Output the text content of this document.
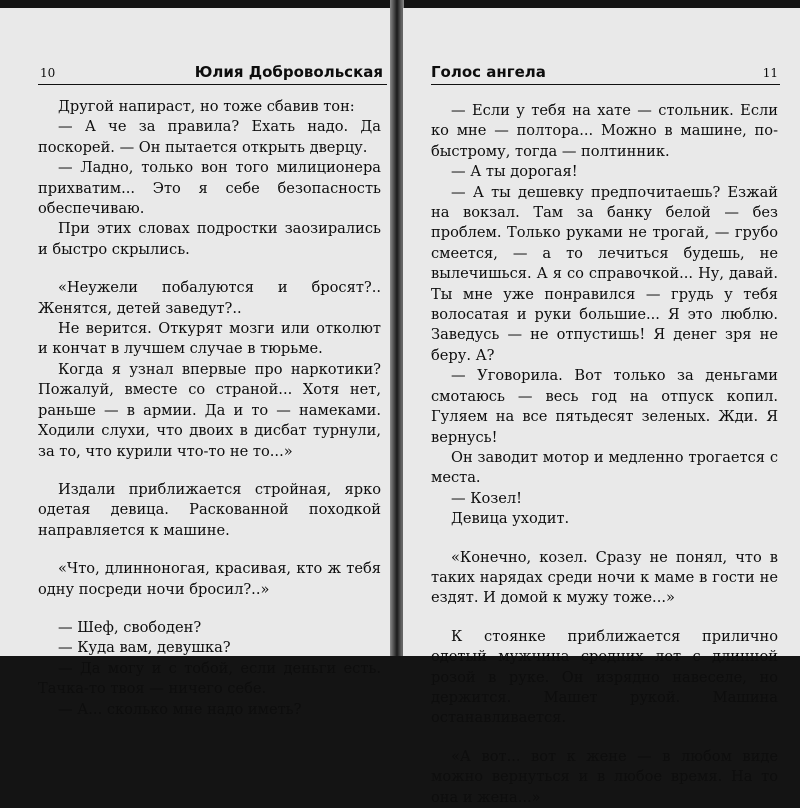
10	Юлия Добровольская

Другой напираст, но тоже сбавив тон:

— А че за правила? Ехать надо. Да поскорей. — Он пытается открыть дверцу.

— Ладно, только вон того милиционера прихватим... Это я себе безопасность обеспечиваю.

При этих словах подростки заозирались и быстро скрылись.

«Неужели побалуются и бросят?.. Женятся, детей заведут?..

Не верится. Откурят мозги или отколют и кончат в лучшем случае в тюрьме.

Когда я узнал впервые про наркотики? Пожалуй, вместе со страной... Хотя нет, раньше — в армии. Да и то — намеками. Ходили слухи, что двоих в дисбат турнули, за то, что курили что-то не то...»

Издали приближается стройная, ярко одетая девица. Раскованной походкой направляется к машине.

«Что, длинноногая, красивая, кто ж тебя одну посреди ночи бросил?..»

— Шеф, свободен?

— Куда вам, девушка?

— Да могу и с тобой, если деньги есть. Тачка-то твоя — ничего себе.

— А... сколько мне надо иметь?

Голос ангела	11

— Если у тебя на хате — стольник. Если ко мне — полтора... Можно в машине, по-быстрому, тогда — полтинник.

— А ты дорогая!

— А ты дешевку предпочитаешь? Езжай на вокзал. Там за банку белой — без проблем. Только руками не трогай, — грубо смеется, — а то лечиться будешь, не вылечишься. А я со справочкой... Ну, давай. Ты мне уже понравился — грудь у тебя волосатая и руки большие... Я это люблю. Заведусь — не отпустишь! Я денег зря не беру. А?

— Уговорила. Вот только за деньгами смотаюсь — весь год на отпуск копил. Гуляем на все пятьдесят зеленых. Жди. Я вернусь!

Он заводит мотор и медленно трогается с места.

— Козел!

Девица уходит.

«Конечно, козел. Сразу не понял, что в таких нарядах среди ночи к маме в гости не ездят. И домой к мужу тоже...»

К стоянке приближается прилично одетый мужчина средних лет с длинной розой в руке. Он изрядно навеселе, но держится. Машет рукой. Машина останавливается.

«А вот... вот к жене — в любом виде можно вернуться и в любое время. На то она и жена...»
